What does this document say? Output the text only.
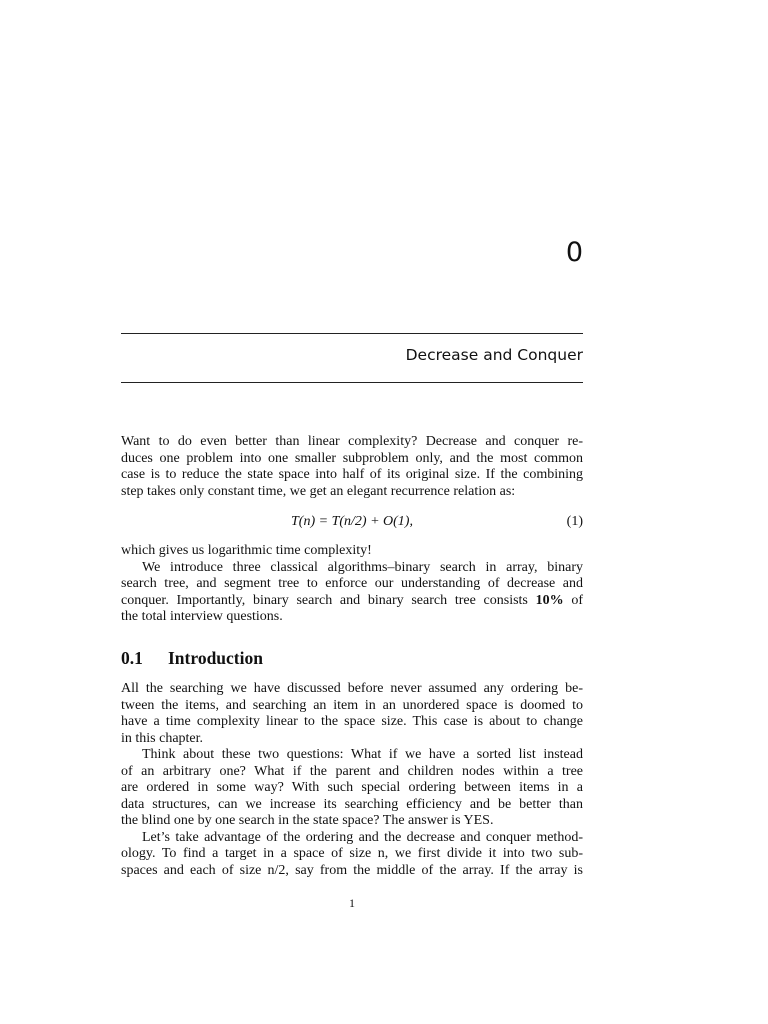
0
Decrease and Conquer
Want to do even better than linear complexity? Decrease and conquer re-
duces one problem into one smaller subproblem only, and the most common
case is to reduce the state space into half of its original size. If the combining
step takes only constant time, we get an elegant recurrence relation as:
T(n) = T(n/2) + O(1),	(1)
which gives us logarithmic time complexity!
We introduce three classical algorithms–binary search in array, binary
search tree, and segment tree to enforce our understanding of decrease and
conquer. Importantly, binary search and binary search tree consists 10% of
the total interview questions.
0.1 Introduction
All the searching we have discussed before never assumed any ordering be-
tween the items, and searching an item in an unordered space is doomed to
have a time complexity linear to the space size. This case is about to change
in this chapter.
Think about these two questions: What if we have a sorted list instead
of an arbitrary one? What if the parent and children nodes within a tree
are ordered in some way? With such special ordering between items in a
data structures, can we increase its searching efficiency and be better than
the blind one by one search in the state space? The answer is YES.
Let’s take advantage of the ordering and the decrease and conquer method-
ology. To find a target in a space of size n, we first divide it into two sub-
spaces and each of size n/2, say from the middle of the array. If the array is
1
